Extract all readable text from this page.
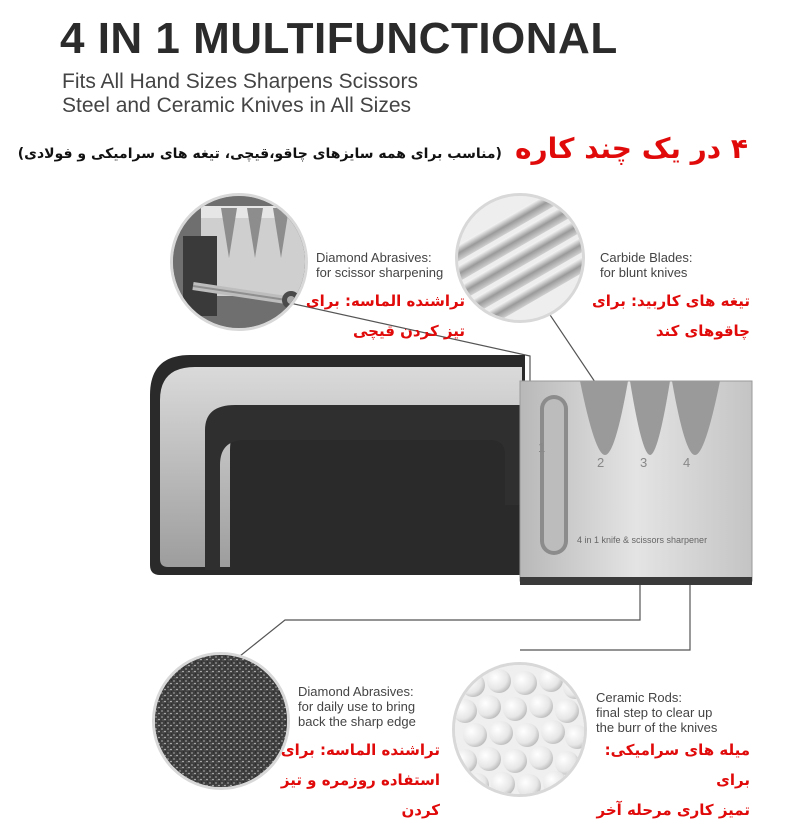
4 IN 1 MULTIFUNCTIONAL
Fits All Hand Sizes Sharpens Scissors
Steel and Ceramic Knives in All Sizes
۴ در یک چند کاره (مناسب برای همه سایزهای چاقو،قیچی، تیغه های سرامیکی و فولادی)
Diamond Abrasives:
for scissor sharpening
تراشنده الماسه: برای
تیز کردن قیچی
Carbide Blades:
for blunt knives
تیغه های کاربید: برای
چاقوهای کند
1
2	3	4
4 in 1 knife & scissors sharpener
Diamond Abrasives:
for daily use to bring
back the sharp edge
تراشنده الماسه: برای
استفاده روزمره و تیز کردن
Ceramic Rods:
final step to clear up
the burr of the knives
میله های سرامیکی: برای
تمیز کاری مرحله آخر
